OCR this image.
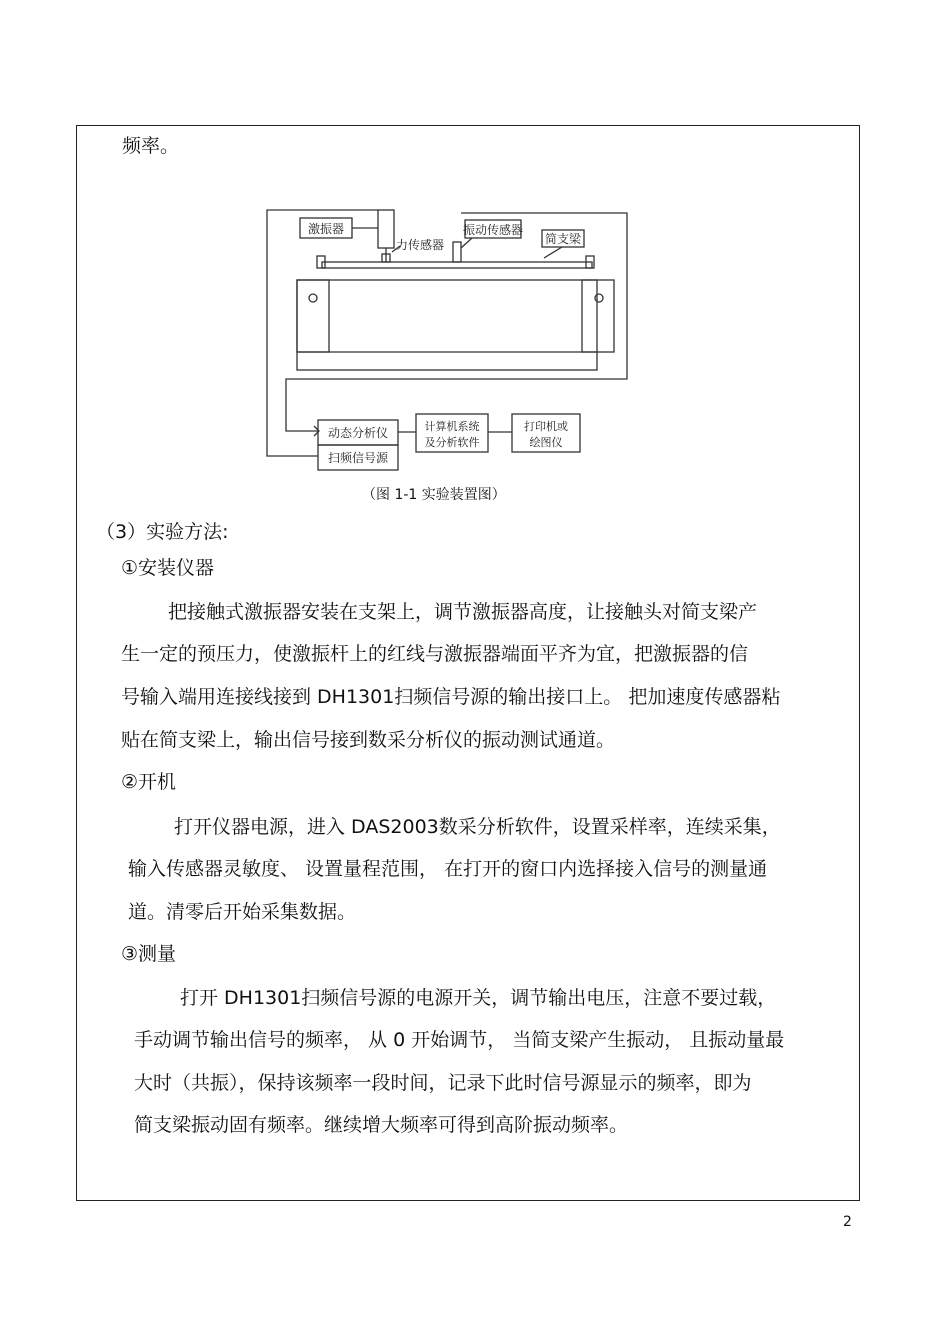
频率。
激振器
力传感器
振动传感器
简支梁
动态分析仪
扫频信号源
计算机系统
及分析软件
打印机或
绘图仪
（图 1-1 实验装置图）
（3）实验方法:
①安装仪器
把接触式激振器安装在支架上，调节激振器高度，让接触头对简支梁产
生一定的预压力，使激振杆上的红线与激振器端面平齐为宜，把激振器的信
号输入端用连接线接到 DH1301扫频信号源的输出接口上。 把加速度传感器粘
贴在简支梁上，输出信号接到数采分析仪的振动测试通道。
②开机
打开仪器电源，进入 DAS2003数采分析软件，设置采样率，连续采集，
输入传感器灵敏度、 设置量程范围， 在打开的窗口内选择接入信号的测量通
道。清零后开始采集数据。
③测量
打开 DH1301扫频信号源的电源开关，调节输出电压，注意不要过载，
手动调节输出信号的频率， 从 0 开始调节， 当简支梁产生振动， 且振动量最
大时（共振），保持该频率一段时间，记录下此时信号源显示的频率，即为
简支梁振动固有频率。继续增大频率可得到高阶振动频率。
2
